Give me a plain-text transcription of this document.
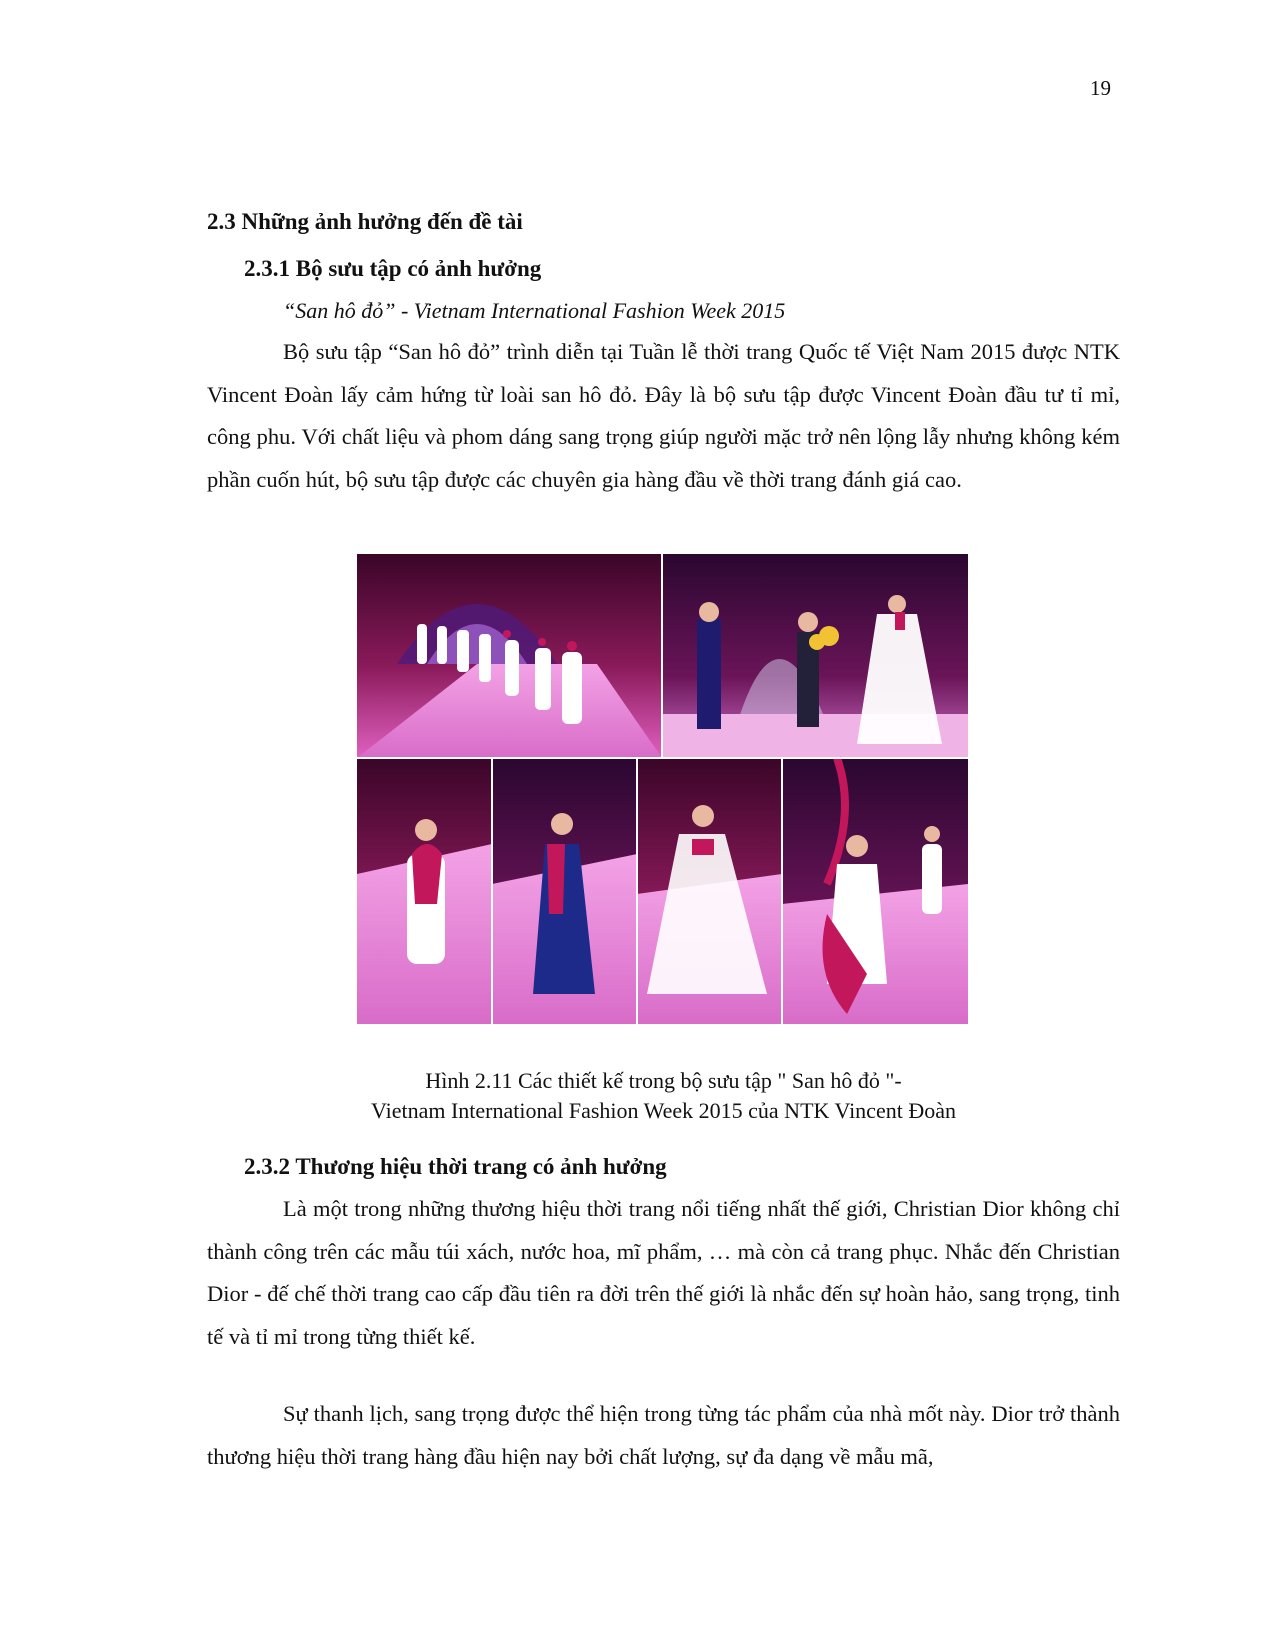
19
2.3 Những ảnh hưởng đến đề tài
2.3.1 Bộ sưu tập có ảnh hưởng
“San hô đỏ” - Vietnam International Fashion Week 2015

Bộ sưu tập “San hô đỏ” trình diễn tại Tuần lễ thời trang Quốc tế Việt Nam 2015 được NTK Vincent Đoàn lấy cảm hứng từ loài san hô đỏ. Đây là bộ sưu tập được Vincent Đoàn đầu tư tỉ mỉ, công phu. Với chất liệu và phom dáng sang trọng giúp người mặc trở nên lộng lẫy nhưng không kém phần cuốn hút, bộ sưu tập được các chuyên gia hàng đầu về thời trang đánh giá cao.

Hình 2.11 Các thiết kế trong bộ sưu tập " San hô đỏ "-
Vietnam International Fashion Week 2015 của NTK Vincent Đoàn
2.3.2 Thương hiệu thời trang có ảnh hưởng

Là một trong những thương hiệu thời trang nổi tiếng nhất thế giới, Christian Dior không chỉ thành công trên các mẫu túi xách, nước hoa, mĩ phẩm, … mà còn cả trang phục. Nhắc đến Christian Dior - đế chế thời trang cao cấp đầu tiên ra đời trên thế giới là nhắc đến sự hoàn hảo, sang trọng, tinh tế và tỉ mỉ trong từng thiết kế.

Sự thanh lịch, sang trọng được thể hiện trong từng tác phẩm của nhà mốt này. Dior trở thành thương hiệu thời trang hàng đầu hiện nay bởi chất lượng, sự đa dạng về mẫu mã,
